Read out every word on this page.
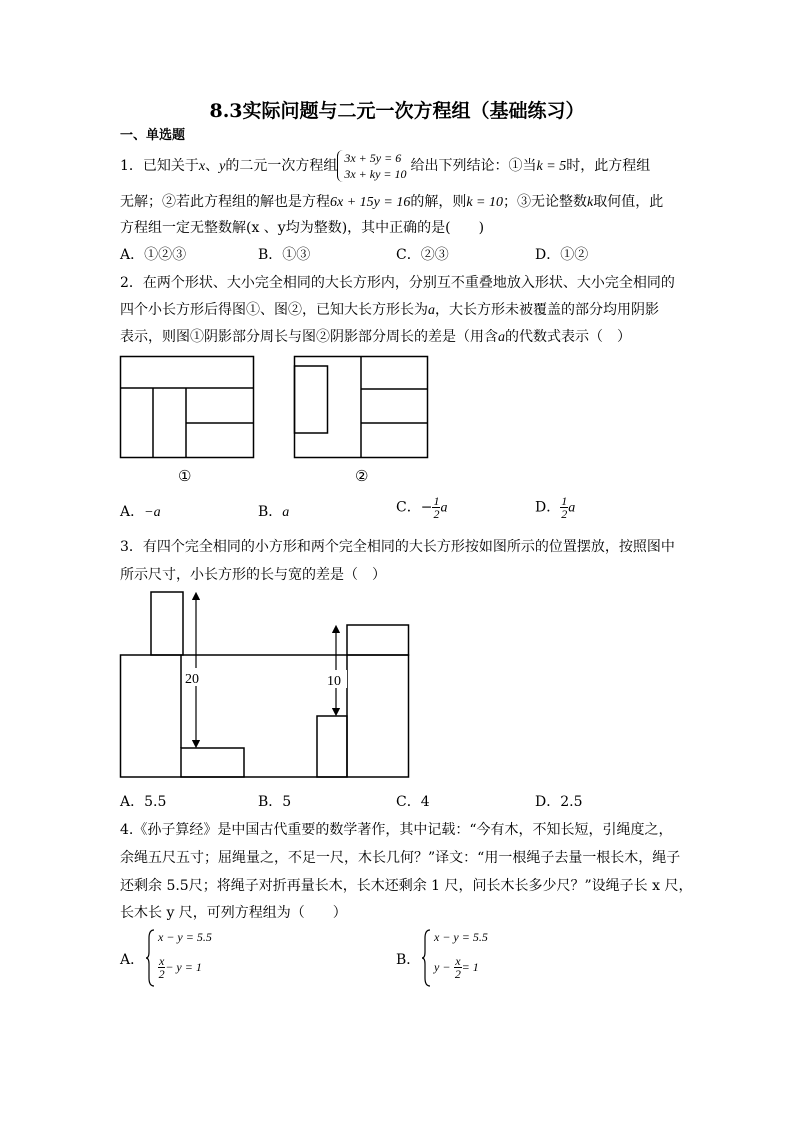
8.3实际问题与二元一次方程组（基础练习）
一、单选题
1．已知关于x、y的二元一次方程组 3x + 5y = 6
3x + ky = 10 给出下列结论：①当k = 5时，此方程组
无解；②若此方程组的解也是方程6x + 15y = 16的解，则k = 10；③无论整数k取何值，此
方程组一定无整数解(x 、y均为整数)，其中正确的是(　　)
A．①②③	B．①③	C．②③	D．①②
2．在两个形状、大小完全相同的大长方形内，分别互不重叠地放入形状、大小完全相同的
四个小长方形后得图①、图②，已知大长方形长为a，大长方形未被覆盖的部分均用阴影
表示，则图①阴影部分周长与图②阴影部分周长的差是（用含a的代数式表示（　）
①	②
A．−a	B．a	C．− $\frac{1}{2}$ a	D． $\frac{1}{2}$ a
3．有四个完全相同的小方形和两个完全相同的大长方形按如图所示的位置摆放，按照图中
所示尺寸，小长方形的长与宽的差是（　）
20	10
A．5.5	B．5	C．4	D．2.5
4.《孙子算经》是中国古代重要的数学著作，其中记载：“今有木，不知长短，引绳度之，
余绳五尺五寸；屈绳量之，不足一尺，木长几何？”译文：“用一根绳子去量一根长木，绳子
还剩余 5.5尺；将绳子对折再量长木，长木还剩余 1 尺，问长木长多少尺？”设绳子长 x 尺，
长木长 y 尺，可列方程组为（　　）
A．
x − y = 5.5
$\frac{x}{2} - y = 1$	B．
x − y = 5.5
$y - \frac{x}{2} = 1$
